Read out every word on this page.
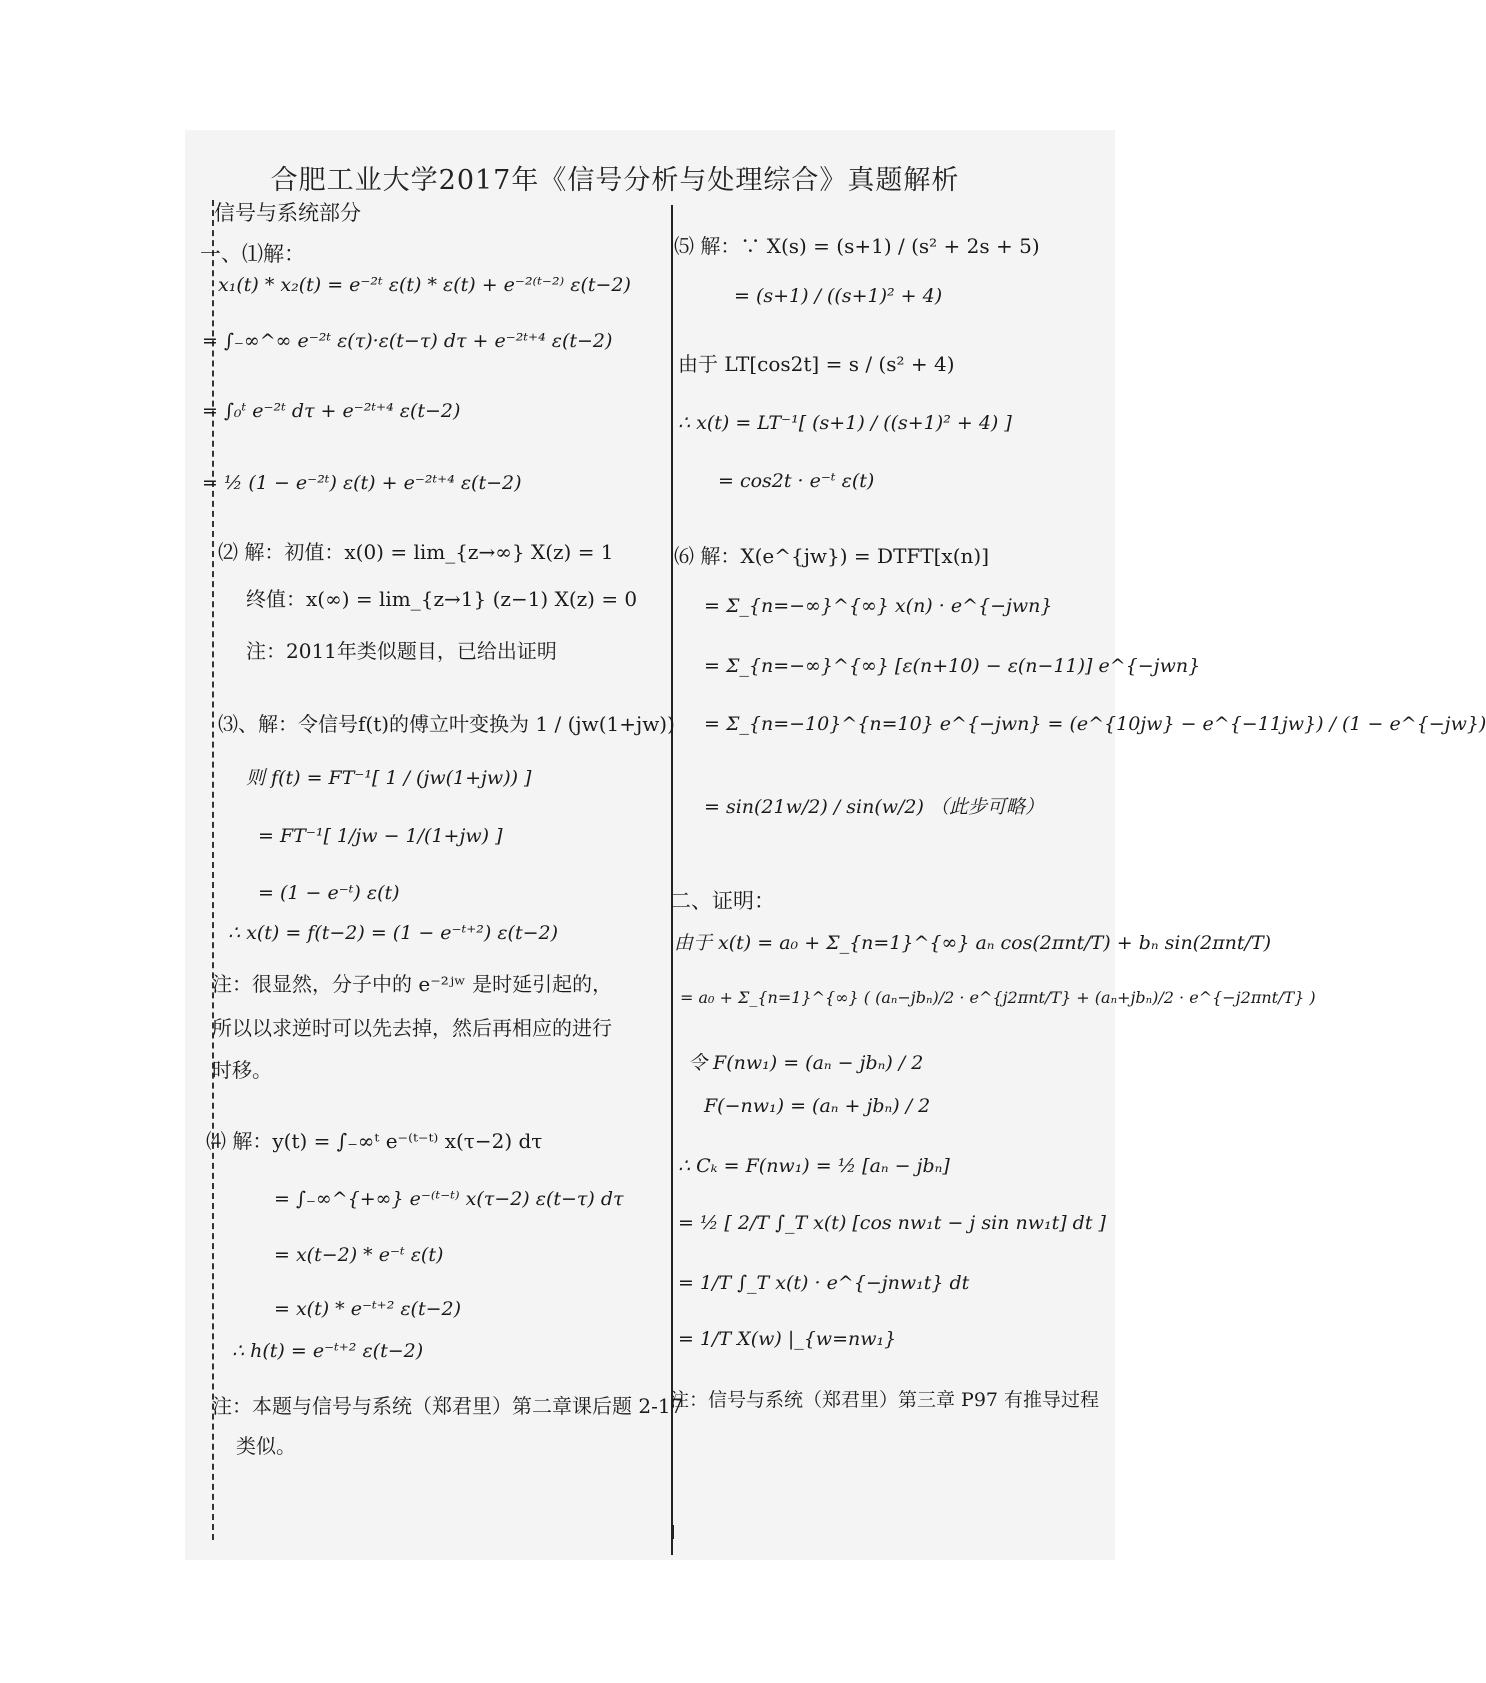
合肥工业大学2017年《信号分析与处理综合》真题解析
信号与系统部分
一、⑴解：
x₁(t) * x₂(t) = e⁻²ᵗ ε(t) * ε(t) + e⁻²⁽ᵗ⁻²⁾ ε(t−2)
= ∫₋∞^∞ e⁻²ᵗ ε(τ)·ε(t−τ) dτ + e⁻²ᵗ⁺⁴ ε(t−2)
= ∫₀ᵗ e⁻²ᵗ dτ + e⁻²ᵗ⁺⁴ ε(t−2)
= ½ (1 − e⁻²ᵗ) ε(t) + e⁻²ᵗ⁺⁴ ε(t−2)
⑵ 解：初值：x(0) = lim_{z→∞} X(z) = 1
终值：x(∞) = lim_{z→1} (z−1) X(z) = 0
注：2011年类似题目，已给出证明
⑶、解：令信号f(t)的傅立叶变换为 1 / (jw(1+jw))
则 f(t) = FT⁻¹[ 1 / (jw(1+jw)) ]
= FT⁻¹[ 1/jw − 1/(1+jw) ]
= (1 − e⁻ᵗ) ε(t)
∴ x(t) = f(t−2) = (1 − e⁻ᵗ⁺²) ε(t−2)
注：很显然，分子中的 e⁻²ʲʷ 是时延引起的，
所以以求逆时可以先去掉，然后再相应的进行
时移。
⑷ 解：y(t) = ∫₋∞ᵗ e⁻⁽ᵗ⁻ᵗ⁾ x(τ−2) dτ
= ∫₋∞^{+∞} e⁻⁽ᵗ⁻ᵗ⁾ x(τ−2) ε(t−τ) dτ
= x(t−2) * e⁻ᵗ ε(t)
= x(t) * e⁻ᵗ⁺² ε(t−2)
∴ h(t) = e⁻ᵗ⁺² ε(t−2)
注：本题与信号与系统（郑君里）第二章课后题 2-17
类似。
⑸ 解：∵ X(s) = (s+1) / (s² + 2s + 5)
= (s+1) / ((s+1)² + 4)
由于 LT[cos2t] = s / (s² + 4)
∴ x(t) = LT⁻¹[ (s+1) / ((s+1)² + 4) ]
= cos2t · e⁻ᵗ ε(t)
⑹ 解：X(e^{jw}) = DTFT[x(n)]
= Σ_{n=−∞}^{∞} x(n) · e^{−jwn}
= Σ_{n=−∞}^{∞} [ε(n+10) − ε(n−11)] e^{−jwn}
= Σ_{n=−10}^{n=10} e^{−jwn} = (e^{10jw} − e^{−11jw}) / (1 − e^{−jw})
= sin(21w/2) / sin(w/2) （此步可略）
二、证明：
由于 x(t) = a₀ + Σ_{n=1}^{∞} aₙ cos(2πnt/T) + bₙ sin(2πnt/T)
= a₀ + Σ_{n=1}^{∞} ( (aₙ−jbₙ)/2 · e^{j2πnt/T} + (aₙ+jbₙ)/2 · e^{−j2πnt/T} )
令 F(nw₁) = (aₙ − jbₙ) / 2
F(−nw₁) = (aₙ + jbₙ) / 2
∴ Cₖ = F(nw₁) = ½ [aₙ − jbₙ]
= ½ [ 2/T ∫_T x(t) [cos nw₁t − j sin nw₁t] dt ]
= 1/T ∫_T x(t) · e^{−jnw₁t} dt
= 1/T X(w) |_{w=nw₁}
注：信号与系统（郑君里）第三章 P97 有推导过程
